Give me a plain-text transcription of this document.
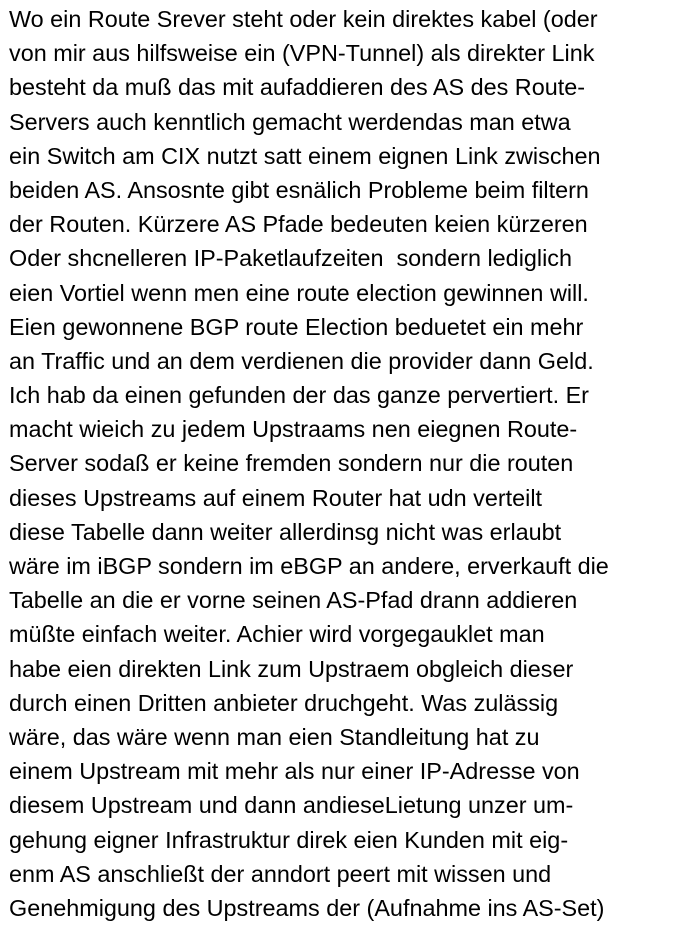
Wo ein Route Srever steht oder kein direktes kabel (oder
von mir aus hilfsweise ein (VPN-Tunnel) als direkter Link
besteht da muß das mit aufaddieren des AS des Route-
Servers auch kenntlich gemacht werdendas man etwa
ein Switch am CIX nutzt satt einem eignen Link zwischen
beiden AS. Ansosnte gibt esnälich Probleme beim filtern
der Routen. Kürzere AS Pfade bedeuten keien kürzeren
Oder shcnelleren IP-Paketlaufzeiten  sondern lediglich
eien Vortiel wenn men eine route election gewinnen will.
Eien gewonnene BGP route Election beduetet ein mehr
an Traffic und an dem verdienen die provider dann Geld.
Ich hab da einen gefunden der das ganze pervertiert. Er
macht wieich zu jedem Upstraams nen eiegnen Route-
Server sodaß er keine fremden sondern nur die routen
dieses Upstreams auf einem Router hat udn verteilt
diese Tabelle dann weiter allerdinsg nicht was erlaubt
wäre im iBGP sondern im eBGP an andere, erverkauft die
Tabelle an die er vorne seinen AS-Pfad drann addieren
müßte einfach weiter. Achier wird vorgegauklet man
habe eien direkten Link zum Upstraem obgleich dieser
durch einen Dritten anbieter druchgeht. Was zulässig
wäre, das wäre wenn man eien Standleitung hat zu
einem Upstream mit mehr als nur einer IP-Adresse von
diesem Upstream und dann andieseLietung unzer um-
gehung eigner Infrastruktur direk eien Kunden mit eig-
enm AS anschließt der anndort peert mit wissen und
Genehmigung des Upstreams der (Aufnahme ins AS-Set)
